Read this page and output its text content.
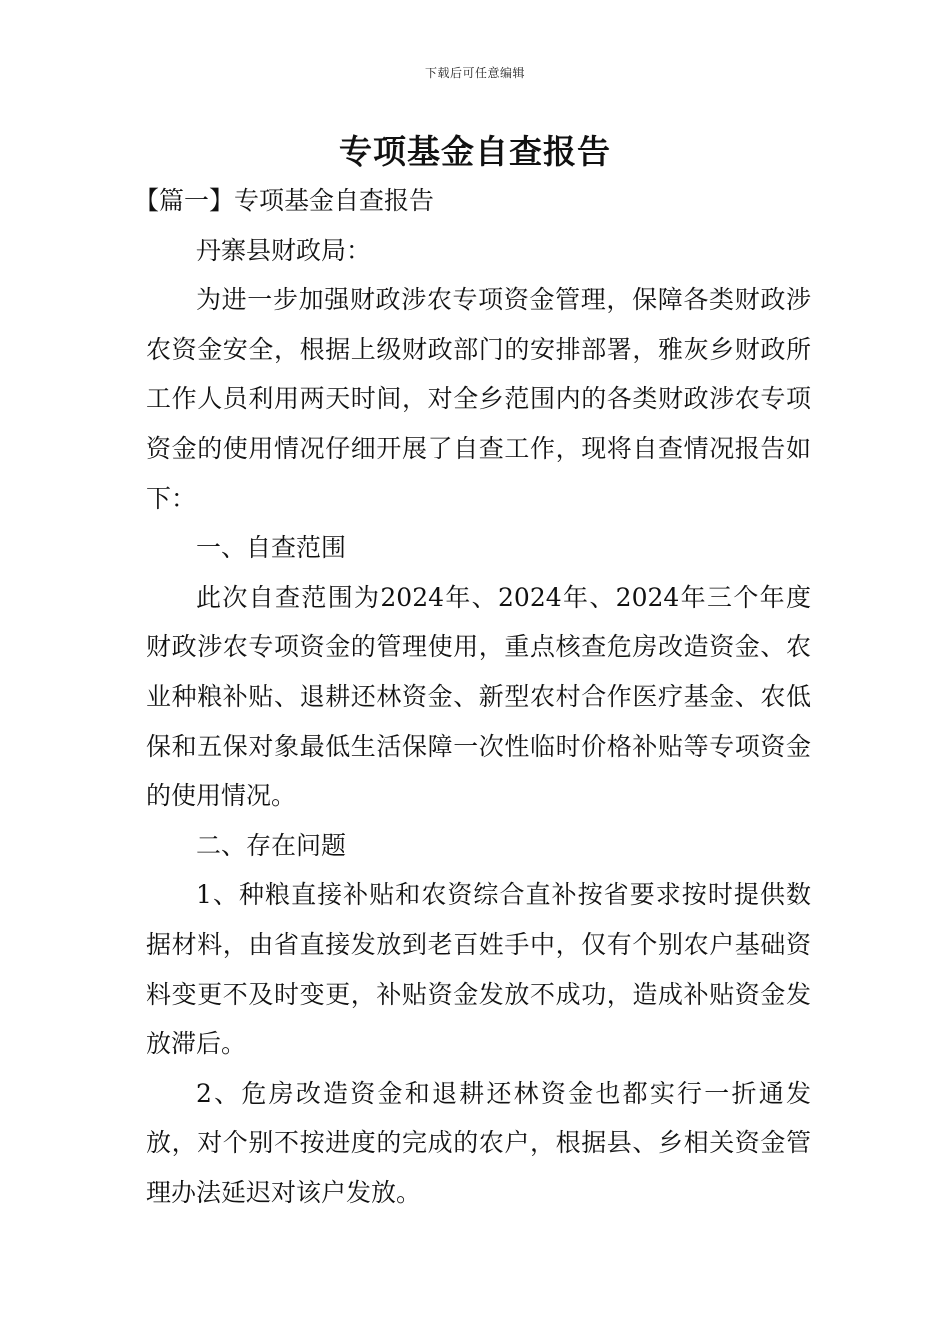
下载后可任意编辑
专项基金自查报告

【篇一】专项基金自查报告

丹寨县财政局：

为进一步加强财政涉农专项资金管理，保障各类财政涉农资金安全，根据上级财政部门的安排部署，雅灰乡财政所工作人员利用两天时间，对全乡范围内的各类财政涉农专项资金的使用情况仔细开展了自查工作，现将自查情况报告如下：

一、自查范围

此次自查范围为2024年、2024年、2024年三个年度财政涉农专项资金的管理使用，重点核查危房改造资金、农业种粮补贴、退耕还林资金、新型农村合作医疗基金、农低保和五保对象最低生活保障一次性临时价格补贴等专项资金的使用情况。

二、存在问题

1、种粮直接补贴和农资综合直补按省要求按时提供数据材料，由省直接发放到老百姓手中，仅有个别农户基础资料变更不及时变更，补贴资金发放不成功，造成补贴资金发放滞后。

2、危房改造资金和退耕还林资金也都实行一折通发放，对个别不按进度的完成的农户，根据县、乡相关资金管理办法延迟对该户发放。
